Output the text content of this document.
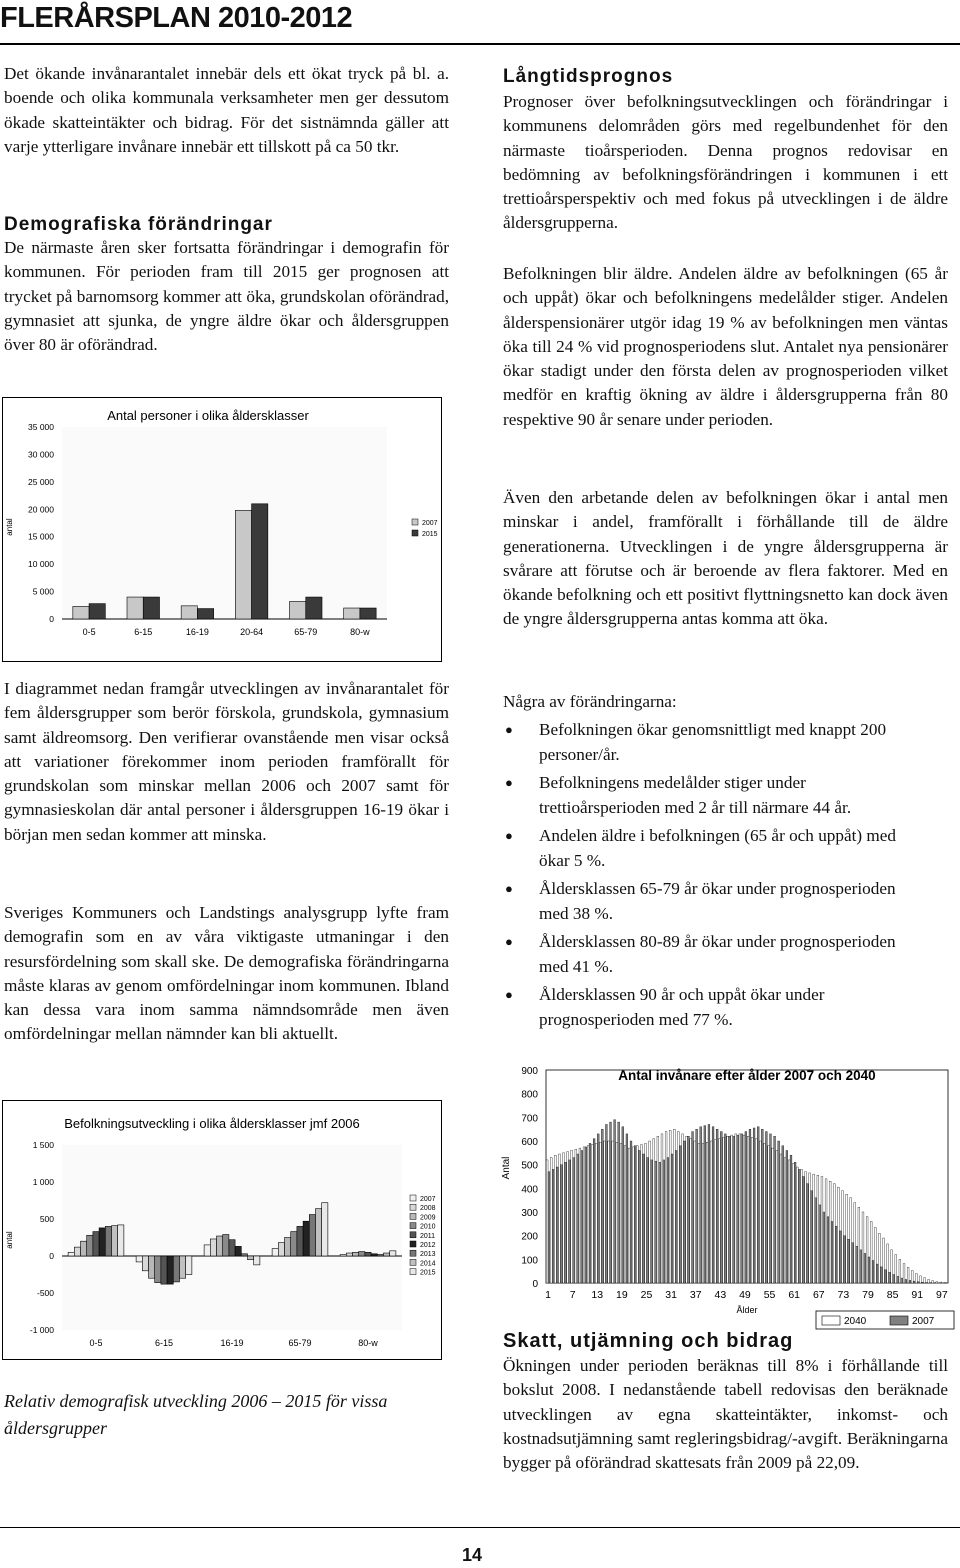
FLERÅRSPLAN 2010-2012
Det ökande invånarantalet innebär dels ett ökat tryck på bl. a. boende och olika kommunala verksamheter men ger dessutom ökade skatteintäkter och bidrag. För det sistnämnda gäller att varje ytterligare invånare innebär ett tillskott på ca 50 tkr.
Demografiska förändringar
De närmaste åren sker fortsatta förändringar i demografin för kommunen. För perioden fram till 2015 ger prognosen att trycket på barnomsorg kommer att öka, grundskolan oförändrad, gymnasiet att sjunka, de yngre äldre ökar och åldersgruppen över 80 är oförändrad.
Antal personer i olika åldersklasser
0
5 000
10 000
15 000
20 000
25 000
30 000
35 000
antal
0-5	6-15	16-19	20-64	65-79	80-w
2007
2015
I diagrammet nedan framgår utvecklingen av invånarantalet för fem åldersgrupper som berör förskola, grundskola, gymnasium samt äldreomsorg. Den verifierar ovanstående men visar också att variationer förekommer inom perioden framförallt för grundskolan som minskar mellan 2006 och 2007 samt för gymnasieskolan där antal personer i åldersgruppen 16-19 ökar i början men sedan kommer att minska.
Sveriges Kommuners och Landstings analysgrupp lyfte fram demografin som en av våra viktigaste utmaningar i den resursfördelning som skall ske. De demografiska förändringarna måste klaras av genom omfördelningar inom kommunen. Ibland kan dessa vara inom samma nämndsområde men även omfördelningar mellan nämnder kan bli aktuellt.
Befolkningsutveckling i olika åldersklasser jmf 2006
-1 000
-500
0
500
1 000
1 500
antal
0-5	6-15	16-19	65-79	80-w
2007
2008
2009
2010
2011
2012
2013
2014
2015
Relativ demografisk utveckling 2006 – 2015 för vissa åldersgrupper
Långtidsprognos
Prognoser över befolkningsutvecklingen och förändringar i kommunens delområden görs med regelbundenhet för den närmaste tioårsperioden. Denna prognos redovisar en bedömning av befolkningsförändringen i kommunen i ett trettioårsperspektiv och med fokus på utvecklingen i de äldre åldersgrupperna.
Befolkningen blir äldre. Andelen äldre av befolkningen (65 år och uppåt) ökar och befolkningens medelålder stiger. Andelen ålderspensionärer utgör idag 19 % av befolkningen men väntas öka till 24 % vid prognosperiodens slut. Antalet nya pensionärer ökar stadigt under den första delen av prognosperioden vilket medför en kraftig ökning av äldre i åldersgrupperna från 80 respektive 90 år senare under perioden.
Även den arbetande delen av befolkningen ökar i antal men minskar i andel, framförallt i förhållande till de äldre generationerna. Utvecklingen i de yngre åldersgrupperna är svårare att förutse och är beroende av flera faktorer. Med en ökande befolkning och ett positivt flyttningsnetto kan dock även de yngre åldersgrupperna antas komma att öka.
Några av förändringarna:
● Befolkningen ökar genomsnittligt med knappt 200 personer/år.
● Befolkningens medelålder stiger under trettioårsperioden med 2 år till närmare 44 år.
● Andelen äldre i befolkningen (65 år och uppåt) med ökar 5 %.
● Åldersklassen 65-79 år ökar under prognosperioden med 38 %.
● Åldersklassen 80-89 år ökar under prognosperioden med 41 %.
● Åldersklassen 90 år och uppåt ökar under prognosperioden med 77 %.
Antal invånare efter ålder 2007 och 2040
0
100
200
300
400
500
600
700
800
900
Antal
1 7 13 19 25 31 37 43 49 55 61 67 73 79 85 91 97
Ålder
2040	2007
Skatt, utjämning och bidrag
Ökningen under perioden beräknas till 8% i förhållande till bokslut 2008. I nedanstående tabell redovisas den beräknade utvecklingen av egna skatteintäkter, inkomst- och kostnadsutjämning samt regleringsbidrag/-avgift. Beräkningarna bygger på oförändrad skattesats från 2009 på 22,09.
14
